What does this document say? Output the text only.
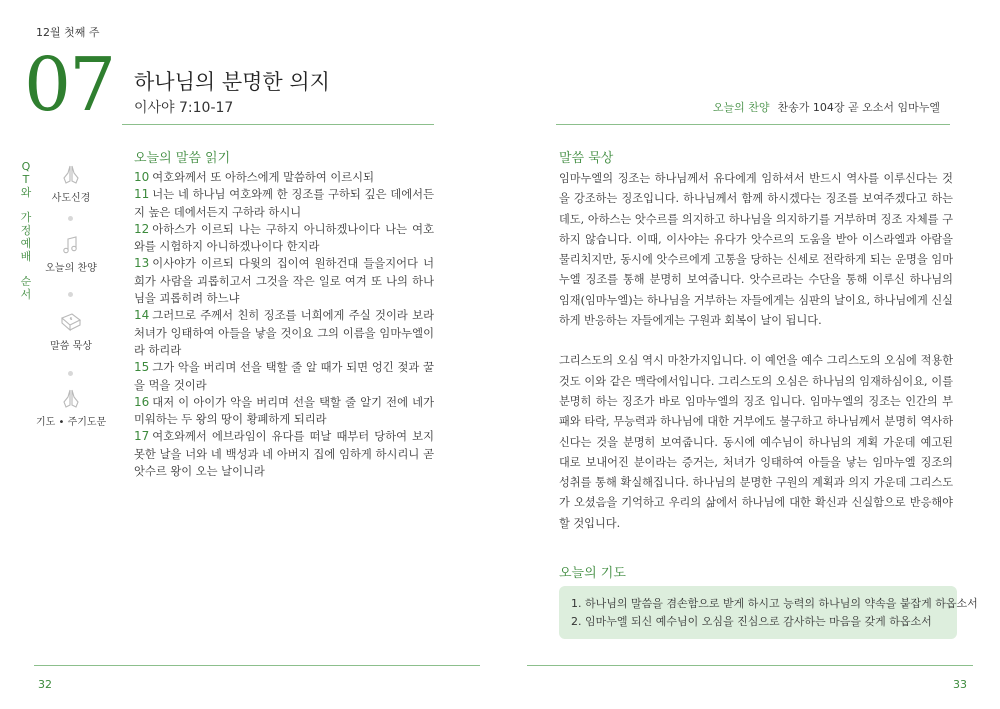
12월 첫째 주
07 하나님의 분명한 의지
이사야 7:10-17	오늘의 찬양 찬송가 104장 곧 오소서 임마누엘
Q
T
와
가
정
예
배
순
서
사도신경
오늘의 찬양
말씀 묵상
기도 • 주기도문
오늘의 말씀 읽기
10 여호와께서 또 아하스에게 말씀하여 이르시되
11 너는 네 하나님 여호와께 한 징조를 구하되 깊은 데에서든지 높은 데에서든지 구하라 하시니
12 아하스가 이르되 나는 구하지 아니하겠나이다 나는 여호와를 시험하지 아니하겠나이다 한지라
13 이사야가 이르되 다윗의 집이여 원하건대 들을지어다 너희가 사람을 괴롭히고서 그것을 작은 일로 여겨 또 나의 하나님을 괴롭히려 하느냐
14 그러므로 주께서 친히 징조를 너희에게 주실 것이라 보라 처녀가 잉태하여 아들을 낳을 것이요 그의 이름을 임마누엘이라 하리라
15 그가 악을 버리며 선을 택할 줄 알 때가 되면 엉긴 젖과 꿀을 먹을 것이라
16 대저 이 아이가 악을 버리며 선을 택할 줄 알기 전에 네가 미워하는 두 왕의 땅이 황폐하게 되리라
17 여호와께서 에브라임이 유다를 떠날 때부터 당하여 보지 못한 날을 너와 네 백성과 네 아버지 집에 임하게 하시리니 곧 앗수르 왕이 오는 날이니라
말씀 묵상

임마누엘의 징조는 하나님께서 유다에게 임하셔서 반드시 역사를 이루신다는 것을 강조하는 징조입니다. 하나님께서 함께 하시겠다는 징조를 보여주겠다고 하는데도, 아하스는 앗수르를 의지하고 하나님을 의지하기를 거부하며 징조 자체를 구하지 않습니다. 이때, 이사야는 유다가 앗수르의 도움을 받아 이스라엘과 아람을 물리치지만, 동시에 앗수르에게 고통을 당하는 신세로 전락하게 되는 운명을 임마누엘 징조를 통해 분명히 보여줍니다. 앗수르라는 수단을 통해 이루신 하나님의 임재(임마누엘)는 하나님을 거부하는 자들에게는 심판의 날이요, 하나님에게 신실하게 반응하는 자들에게는 구원과 회복이 날이 됩니다.

그리스도의 오심 역시 마찬가지입니다. 이 예언을 예수 그리스도의 오심에 적용한 것도 이와 같은 맥락에서입니다. 그리스도의 오심은 하나님의 임재하심이요, 이를 분명히 하는 징조가 바로 임마누엘의 징조 입니다. 임마누엘의 징조는 인간의 부패와 타락, 무능력과 하나님에 대한 거부에도 불구하고 하나님께서 분명히 역사하신다는 것을 분명히 보여줍니다. 동시에 예수님이 하나님의 계획 가운데 예고된 대로 보내어진 분이라는 증거는, 처녀가 잉태하여 아들을 낳는 임마누엘 징조의 성취를 통해 확실해집니다. 하나님의 분명한 구원의 계획과 의지 가운데 그리스도가 오셨음을 기억하고 우리의 삶에서 하나님에 대한 확신과 신실함으로 반응해야 할 것입니다.

오늘의 기도
1. 하나님의 말씀을 겸손함으로 받게 하시고 능력의 하나님의 약속을 붙잡게 하옵소서
2. 임마누엘 되신 예수님이 오심을 진심으로 감사하는 마음을 갖게 하옵소서
32	33
